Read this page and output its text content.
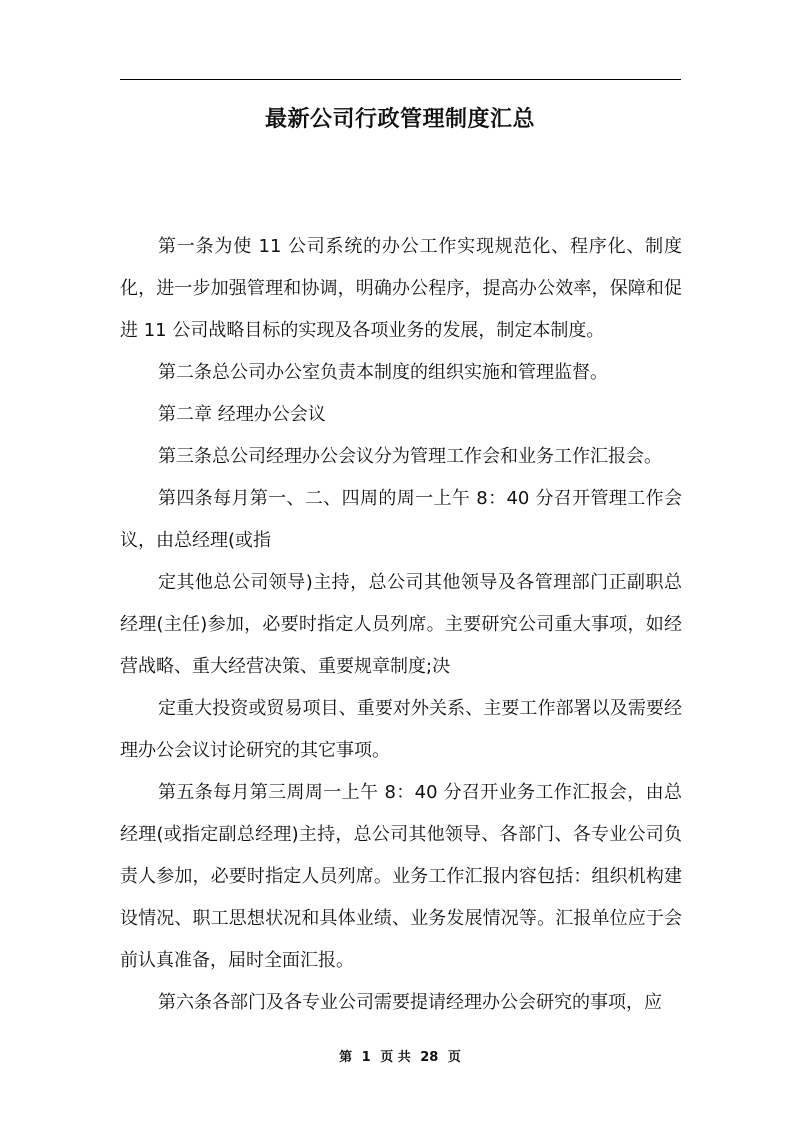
最新公司行政管理制度汇总

第一条为使 11 公司系统的办公工作实现规范化、程序化、制度化，进一步加强管理和协调，明确办公程序，提高办公效率，保障和促进 11 公司战略目标的实现及各项业务的发展，制定本制度。

第二条总公司办公室负责本制度的组织实施和管理监督。

第二章 经理办公会议

第三条总公司经理办公会议分为管理工作会和业务工作汇报会。

第四条每月第一、二、四周的周一上午 8：40 分召开管理工作会议，由总经理(或指

定其他总公司领导)主持，总公司其他领导及各管理部门正副职总经理(主任)参加，必要时指定人员列席。主要研究公司重大事项，如经营战略、重大经营决策、重要规章制度;决

定重大投资或贸易项目、重要对外关系、主要工作部署以及需要经理办公会议讨论研究的其它事项。

第五条每月第三周周一上午 8：40 分召开业务工作汇报会，由总经理(或指定副总经理)主持，总公司其他领导、各部门、各专业公司负责人参加，必要时指定人员列席。业务工作汇报内容包括：组织机构建设情况、职工思想状况和具体业绩、业务发展情况等。汇报单位应于会前认真准备，届时全面汇报。

第六条各部门及各专业公司需要提请经理办公会研究的事项，应

第 1 页 共 28 页
